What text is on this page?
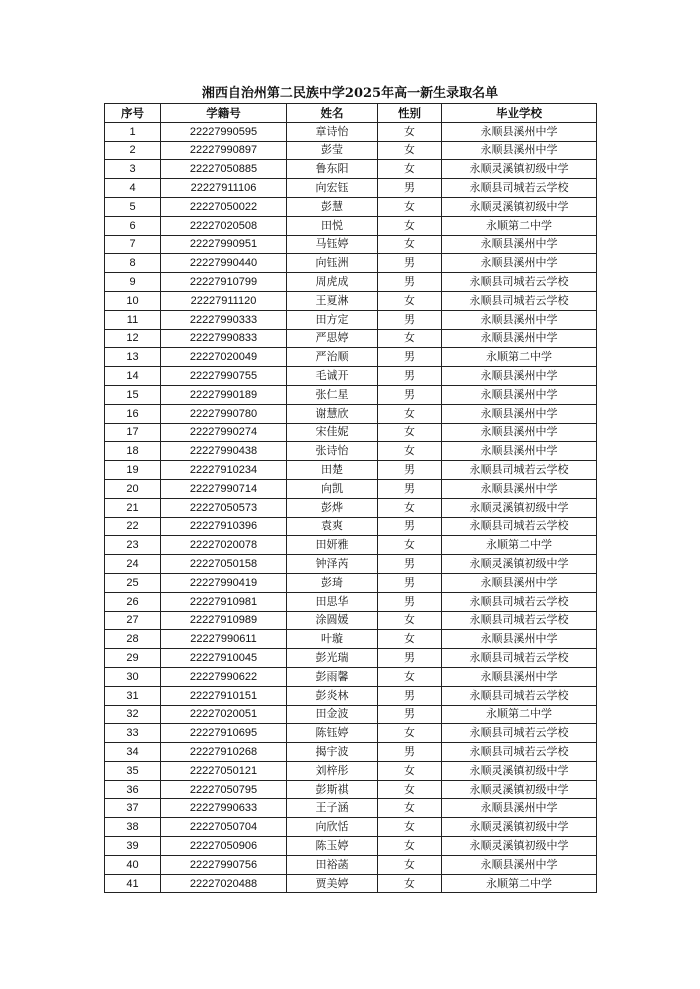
湘西自治州第二民族中学2025年高一新生录取名单
序号	学籍号	姓名	性别	毕业学校
1	22227990595	章诗怡	女	永顺县溪州中学
2	22227990897	彭莹	女	永顺县溪州中学
3	22227050885	鲁东阳	女	永顺灵溪镇初级中学
4	22227911106	向宏钰	男	永顺县司城若云学校
5	22227050022	彭慧	女	永顺灵溪镇初级中学
6	22227020508	田悦	女	永顺第二中学
7	22227990951	马钰婷	女	永顺县溪州中学
8	22227990440	向钰洲	男	永顺县溪州中学
9	22227910799	周虎成	男	永顺县司城若云学校
10	22227911120	王夏淋	女	永顺县司城若云学校
11	22227990333	田方定	男	永顺县溪州中学
12	22227990833	严思婷	女	永顺县溪州中学
13	22227020049	严治顺	男	永顺第二中学
14	22227990755	毛诚开	男	永顺县溪州中学
15	22227990189	张仁星	男	永顺县溪州中学
16	22227990780	谢慧欣	女	永顺县溪州中学
17	22227990274	宋佳妮	女	永顺县溪州中学
18	22227990438	张诗怡	女	永顺县溪州中学
19	22227910234	田楚	男	永顺县司城若云学校
20	22227990714	向凯	男	永顺县溪州中学
21	22227050573	彭烨	女	永顺灵溪镇初级中学
22	22227910396	袁爽	男	永顺县司城若云学校
23	22227020078	田妍雅	女	永顺第二中学
24	22227050158	钟泽芮	男	永顺灵溪镇初级中学
25	22227990419	彭琦	男	永顺县溪州中学
26	22227910981	田思华	男	永顺县司城若云学校
27	22227910989	涂圆媛	女	永顺县司城若云学校
28	22227990611	叶璇	女	永顺县溪州中学
29	22227910045	彭光瑞	男	永顺县司城若云学校
30	22227990622	彭雨馨	女	永顺县溪州中学
31	22227910151	彭炎林	男	永顺县司城若云学校
32	22227020051	田金波	男	永顺第二中学
33	22227910695	陈钰婷	女	永顺县司城若云学校
34	22227910268	揭宇波	男	永顺县司城若云学校
35	22227050121	刘梓彤	女	永顺灵溪镇初级中学
36	22227050795	彭斯祺	女	永顺灵溪镇初级中学
37	22227990633	王子涵	女	永顺县溪州中学
38	22227050704	向欣恬	女	永顺灵溪镇初级中学
39	22227050906	陈玉婷	女	永顺灵溪镇初级中学
40	22227990756	田裕菡	女	永顺县溪州中学
41	22227020488	贾美婷	女	永顺第二中学
